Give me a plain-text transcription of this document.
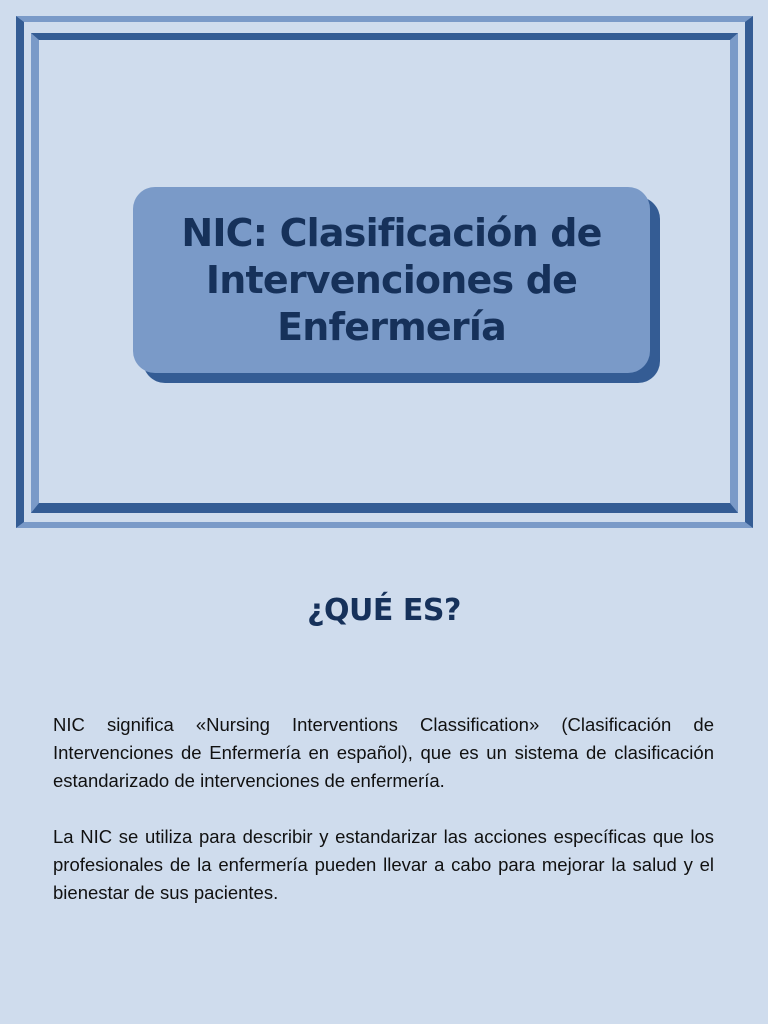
NIC: Clasificación de Intervenciones de Enfermería
¿QUÉ ES?

NIC significa «Nursing Interventions Classification» (Clasificación de Intervenciones de Enfermería en español), que es un sistema de clasificación estandarizado de intervenciones de enfermería.

La NIC se utiliza para describir y estandarizar las acciones específicas que los profesionales de la enfermería pueden llevar a cabo para mejorar la salud y el bienestar de sus pacientes.
